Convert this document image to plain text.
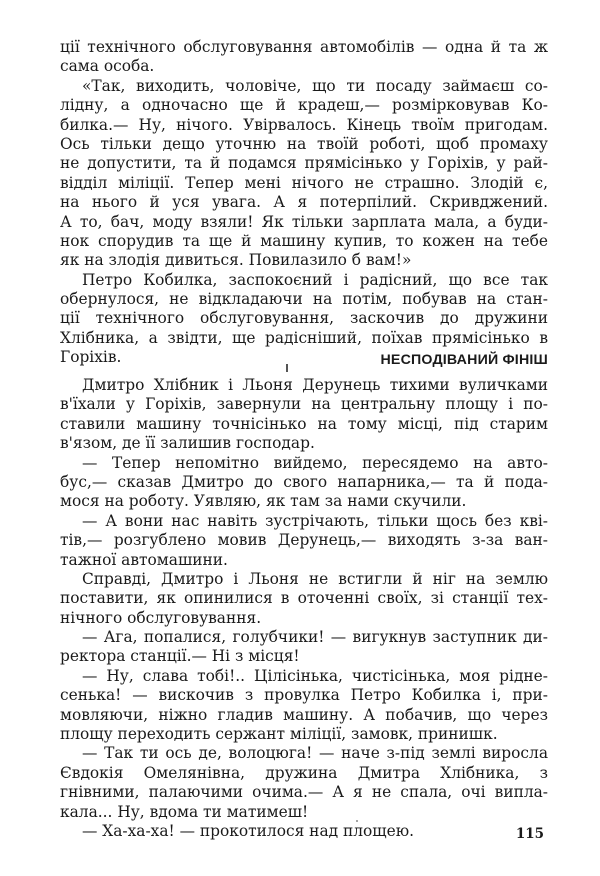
ції технічного обслуговування автомобілів — одна й та ж
сама особа.
«Так, виходить, чоловіче, що ти посаду займаєш со-
лідну, а одночасно ще й крадеш,— розмірковував Ко-
билка.— Ну, нічого. Увірвалось. Кінець твоїм пригодам.
Ось тільки дещо уточню на твоїй роботі, щоб промаху
не допустити, та й подамся прямісінько у Горіхів, у рай-
відділ міліції. Тепер мені нічого не страшно. Злодій є,
на нього й уся увага. А я потерпілий. Скривджений.
А то, бач, моду взяли! Як тільки зарплата мала, а буди-
нок спорудив та ще й машину купив, то кожен на тебе
як на злодія дивиться. Повилазило б вам!»
Петро Кобилка, заспокоєний і радісний, що все так
обернулося, не відкладаючи на потім, побував на стан-
ції технічного обслуговування, заскочив до дружини
Хлібника, а звідти, ще радісніший, поїхав прямісінько в
Горіхів.	НЕСПОДІВАНИЙ ФІНІШ
Дмитро Хлібник і Льоня Дерунець тихими вуличками
в'їхали у Горіхів, завернули на центральну площу і по-
ставили машину точнісінько на тому місці, під старим
в'язом, де її залишив господар.
— Тепер непомітно вийдемо, пересядемо на авто-
бус,— сказав Дмитро до свого напарника,— та й пода-
мося на роботу. Уявляю, як там за нами скучили.
— А вони нас навіть зустрічають, тільки щось без кві-
тів,— розгублено мовив Дерунець,— виходять з-за ван-
тажної автомашини.
Справді, Дмитро і Льоня не встигли й ніг на землю
поставити, як опинилися в оточенні своїх, зі станції тех-
нічного обслуговування.
— Ага, попалися, голубчики! — вигукнув заступник ди-
ректора станції.— Ні з місця!
— Ну, слава тобі!.. Цілісінька, чистісінька, моя рідне-
сенька! — вискочив з провулка Петро Кобилка і, при-
мовляючи, ніжно гладив машину. А побачив, що через
площу переходить сержант міліції, замовк, принишк.
— Так ти ось де, волоцюга! — наче з-під землі виросла
Євдокія Омелянівна, дружина Дмитра Хлібника, з
гнівними, палаючими очима.— А я не спала, очі випла-
кала... Ну, вдома ти матимеш!
— Ха-ха-ха! — прокотилося над площею.	115
